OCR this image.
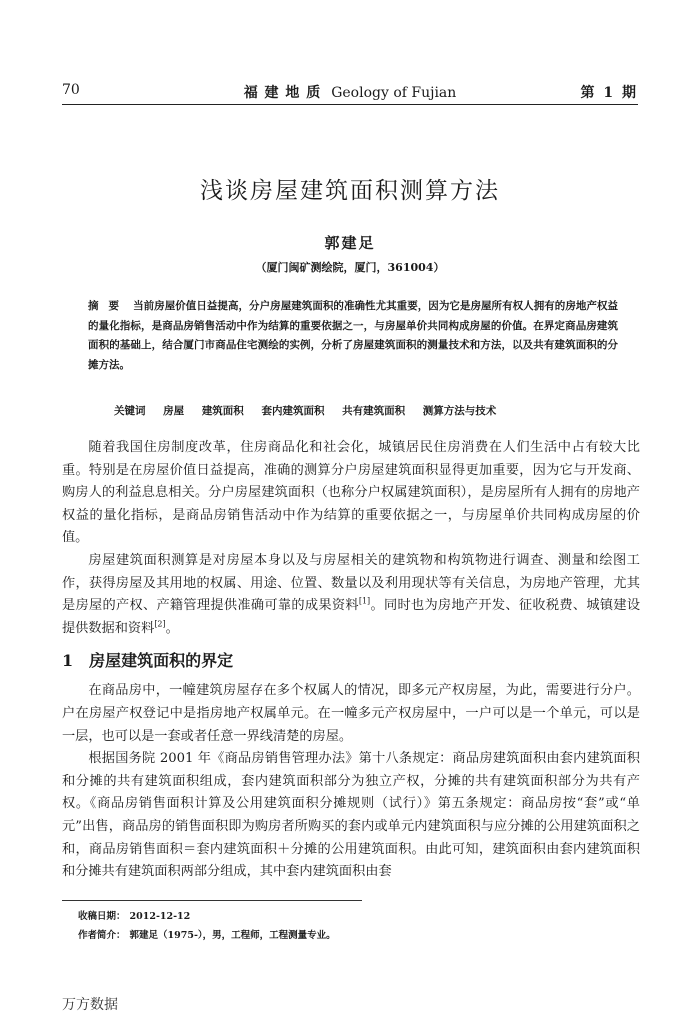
70	福 建 地 质 Geology of Fujian	第 1 期
浅谈房屋建筑面积测算方法
郭建足
（厦门闽矿测绘院，厦门，361004）
摘要 当前房屋价值日益提高，分户房屋建筑面积的准确性尤其重要，因为它是房屋所有权人拥有的房地产权益的量化指标，是商品房销售活动中作为结算的重要依据之一，与房屋单价共同构成房屋的价值。在界定商品房建筑面积的基础上，结合厦门市商品住宅测绘的实例，分析了房屋建筑面积的测量技术和方法，以及共有建筑面积的分摊方法。
关键词 房屋 建筑面积 套内建筑面积 共有建筑面积 测算方法与技术

随着我国住房制度改革，住房商品化和社会化，城镇居民住房消费在人们生活中占有较大比重。特别是在房屋价值日益提高，准确的测算分户房屋建筑面积显得更加重要，因为它与开发商、购房人的利益息息相关。分户房屋建筑面积（也称分户权属建筑面积），是房屋所有人拥有的房地产权益的量化指标，是商品房销售活动中作为结算的重要依据之一，与房屋单价共同构成房屋的价值。

房屋建筑面积测算是对房屋本身以及与房屋相关的建筑物和构筑物进行调查、测量和绘图工作，获得房屋及其用地的权属、用途、位置、数量以及利用现状等有关信息，为房地产管理，尤其是房屋的产权、产籍管理提供准确可靠的成果资料[1]。同时也为房地产开发、征收税费、城镇建设提供数据和资料[2]。

1 房屋建筑面积的界定

在商品房中，一幢建筑房屋存在多个权属人的情况，即多元产权房屋，为此，需要进行分户。户在房屋产权登记中是指房地产权属单元。在一幢多元产权房屋中，一户可以是一个单元，可以是一层，也可以是一套或者任意一界线清楚的房屋。

根据国务院 2001 年《商品房销售管理办法》第十八条规定：商品房建筑面积由套内建筑面积和分摊的共有建筑面积组成，套内建筑面积部分为独立产权，分摊的共有建筑面积部分为共有产权。《商品房销售面积计算及公用建筑面积分摊规则（试行）》第五条规定：商品房按“套”或“单元”出售，商品房的销售面积即为购房者所购买的套内或单元内建筑面积与应分摊的公用建筑面积之和，商品房销售面积＝套内建筑面积＋分摊的公用建筑面积。由此可知，建筑面积由套内建筑面积和分摊共有建筑面积两部分组成，其中套内建筑面积由套

收稿日期： 2012-12-12
作者简介： 郭建足（1975-），男，工程师，工程测量专业。
万方数据
